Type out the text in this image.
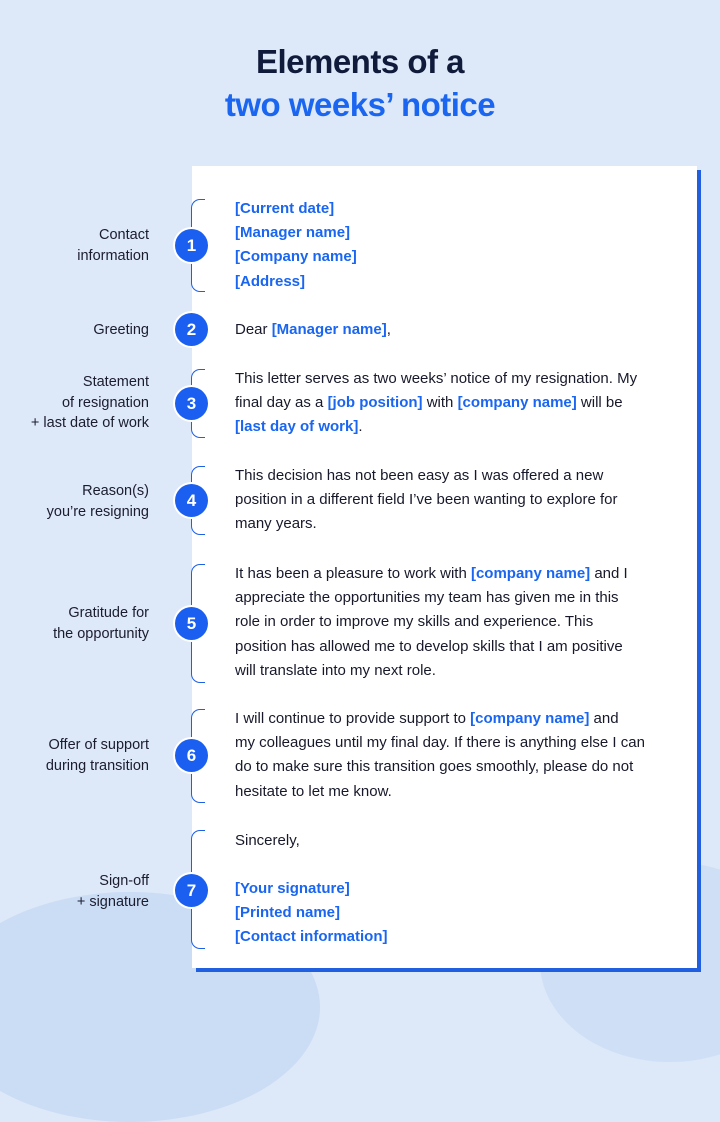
Elements of a
two weeks’ notice
Contact
information
1
[Current date]
[Manager name]
[Company name]
[Address]
Greeting	2	Dear [Manager name],
Statement
of resignation
+ last date of work
3
This letter serves as two weeks’ notice of my resignation. My
final day as a [job position] with [company name] will be
[last day of work].
Reason(s)
you’re resigning
4
This decision has not been easy as I was offered a new
position in a different field I’ve been wanting to explore for
many years.
Gratitude for
the opportunity
5
It has been a pleasure to work with [company name] and I
appreciate the opportunities my team has given me in this
role in order to improve my skills and experience. This
position has allowed me to develop skills that I am positive
will translate into my next role.
Offer of support
during transition
6
I will continue to provide support to [company name] and
my colleagues until my final day. If there is anything else I can
do to make sure this transition goes smoothly, please do not
hesitate to let me know.
Sign-off
+ signature
7
Sincerely,
[Your signature]
[Printed name]
[Contact information]
